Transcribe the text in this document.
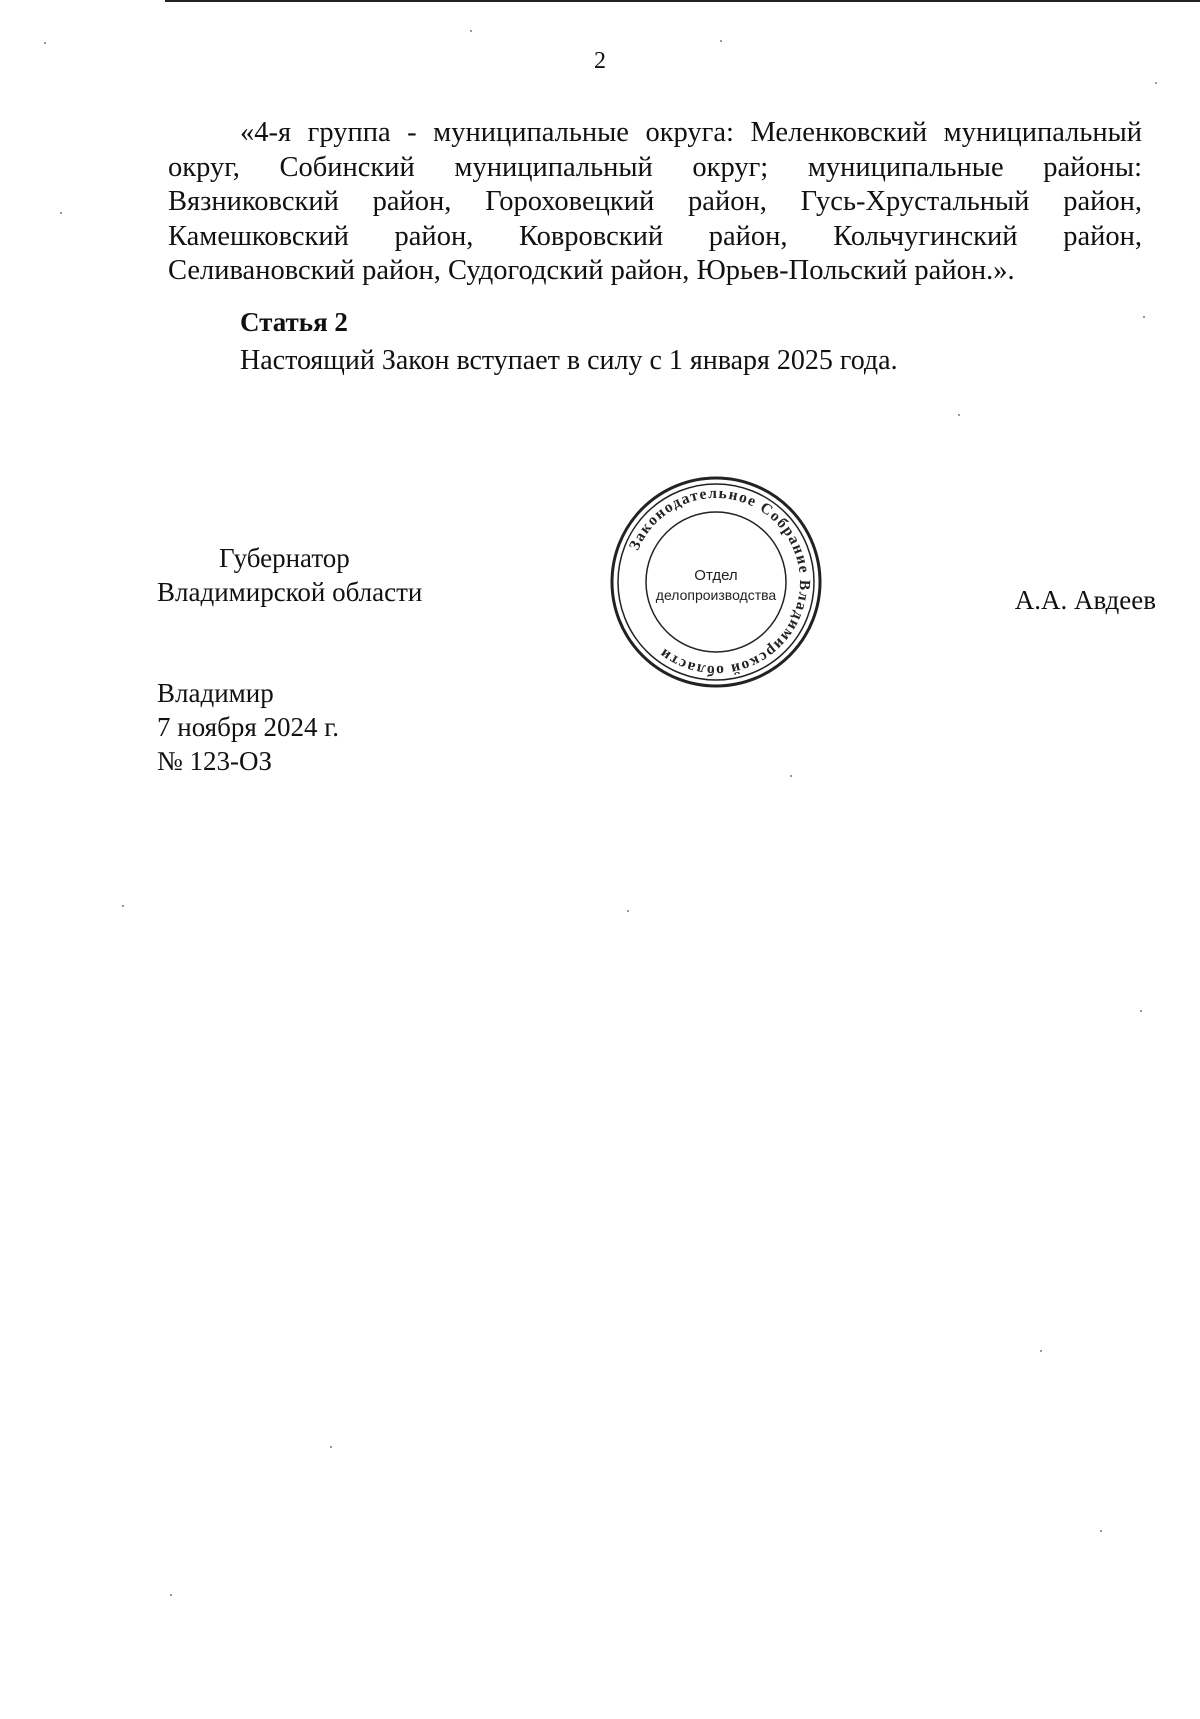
2

«4-я группа - муниципальные округа: Меленковский муниципальный округ, Собинский муниципальный округ; муниципальные районы: Вязниковский район, Гороховецкий район, Гусь-Хрустальный район, Камешковский район, Ковровский район, Кольчугинский район, Селивановский район, Судогодский район, Юрьев-Польский район.».

Статья 2
Настоящий Закон вступает в силу с 1 января 2025 года.
Губернатор
Владимирской области	А.А. Авдеев
Владимир
7 ноября 2024 г.
№ 123-ОЗ
Законодательное Собрание Владимирской области
Отдел
делопроизводства
